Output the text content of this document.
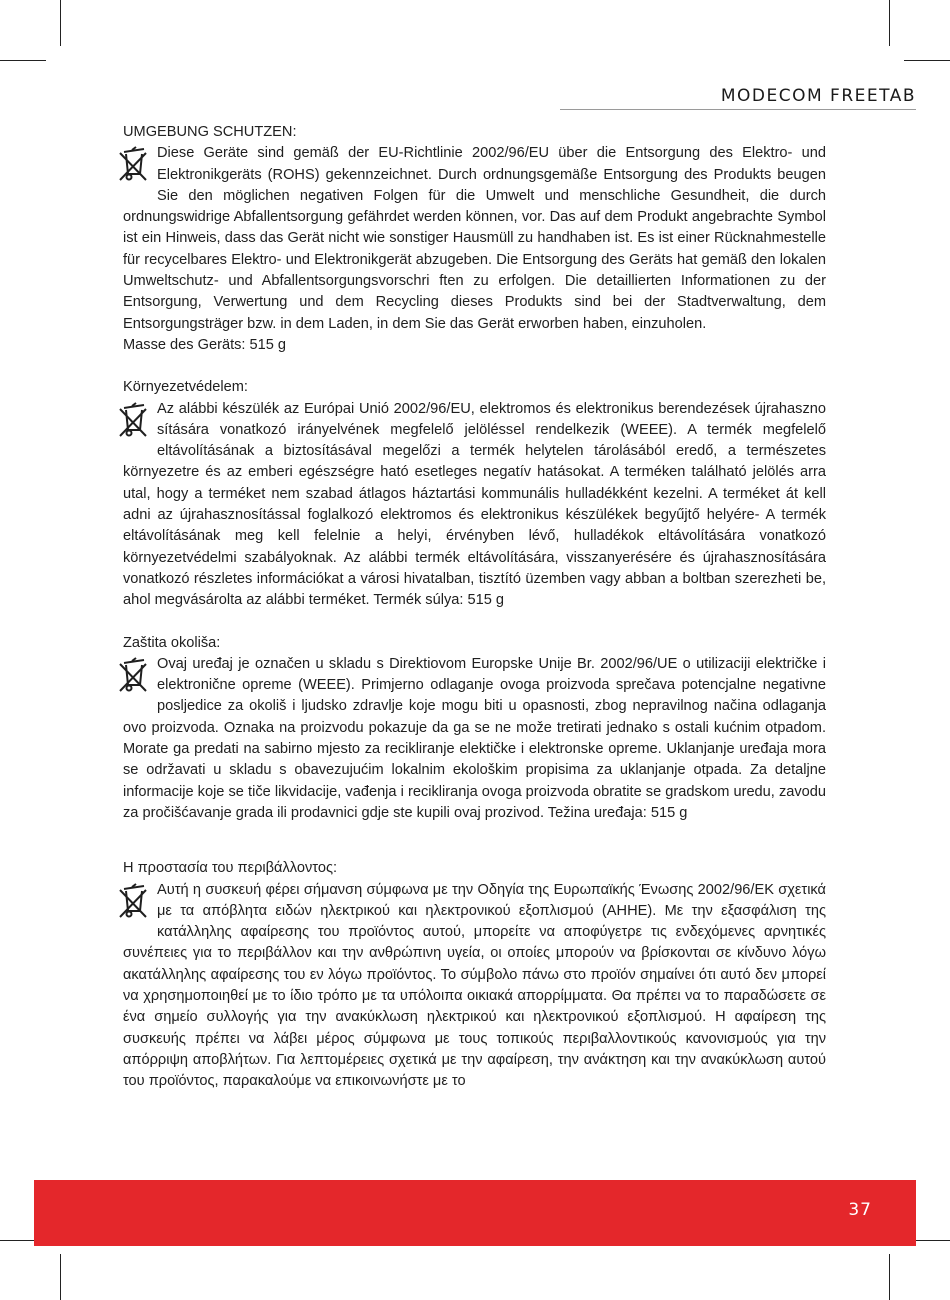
MODECOM FREETAB
UMGEBUNG SCHUTZEN:
Diese Geräte sind gemäß der EU-Richtlinie 2002/96/EU über die Entsorgung des Elektro- und Elektronikgeräts (ROHS) gekennzeichnet. Durch ordnungsgemäße Entsorgung des Produkts beugen Sie den möglichen negativen Folgen für die Umwelt und menschliche Gesundheit, die durch ordnungswidrige Abfallentsorgung gefährdet werden können, vor. Das auf dem Produkt angebrachte Symbol ist ein Hinweis, dass das Gerät nicht wie sonstiger Hausmüll zu handhaben ist. Es ist einer Rücknahmestelle für recycelbares Elektro- und Elektronikgerät abzugeben. Die Entsorgung des Geräts hat gemäß den lokalen Umweltschutz- und Abfallentsorgungsvorschri ften zu erfolgen. Die detaillierten Informationen zu der Entsorgung, Verwertung und dem Recycling dieses Produkts sind bei der Stadtverwaltung, dem Entsorgungsträger bzw. in dem Laden, in dem Sie das Gerät erworben haben, einzuholen.
Masse des Geräts: 515 g
Környezetvédelem:
Az alábbi készülék az Európai Unió 2002/96/EU, elektromos és elektronikus berendezések újrahaszno sítására vonatkozó irányelvének megfelelő jelöléssel rendelkezik (WEEE). A termék megfelelő eltávolításának a biztosításával megelőzi a termék helytelen tárolásából eredő, a természetes környezetre és az emberi egészségre ható esetleges negatív hatásokat. A terméken található jelölés arra utal, hogy a terméket nem szabad átlagos háztartási kommunális hulladékként kezelni. A terméket át kell adni az újrahasznosítással foglalkozó elektromos és elektronikus készülékek begyűjtő helyére- A termék eltávolításának meg kell felelnie a helyi, érvényben lévő, hulladékok eltávolítására vonatkozó környezetvédelmi szabályoknak. Az alábbi termék eltávolítására, visszanyerésére és újrahasznosítására vonatkozó részletes információkat a városi hivatalban, tisztító üzemben vagy abban a boltban szerezheti be, ahol megvásárolta az alábbi terméket. Termék súlya: 515 g
Zaštita okoliša:
Ovaj uređaj je označen u skladu s Direktiovom Europske Unije Br. 2002/96/UE o utilizaciji električke i elektronične opreme (WEEE). Primjerno odlaganje ovoga proizvoda sprečava potencjalne negativne posljedice za okoliš i ljudsko zdravlje koje mogu biti u opasnosti, zbog nepravilnog načina odlaganja ovo proizvoda. Oznaka na proizvodu pokazuje da ga se ne može tretirati jednako s ostali kućnim otpadom. Morate ga predati na sabirno mjesto za recikliranje elektičke i elektronske opreme. Uklanjanje uređaja mora se održavati u skladu s obavezujućim lokalnim ekološkim propisima za uklanjanje otpada. Za detaljne informacije koje se tiče likvidacije, vađenja i recikliranja ovoga proizvoda obratite se gradskom uredu, zavodu za pročišćavanje grada ili prodavnici gdje ste kupili ovaj prozivod. Težina uređaja: 515 g
Η προστασία του περιβάλλοντος:
Αυτή η συσκευή φέρει σήμανση σύμφωνα με την Οδηγία της Ευρωπαϊκής Ένωσης 2002/96/ΕΚ σχετικά με τα απόβλητα ειδών ηλεκτρικού και ηλεκτρονικού εξοπλισμού (ΑΗΗΕ). Με την εξασφάλιση της κατάλληλης αφαίρεσης του προϊόντος αυτού, μπορείτε να αποφύγετρε τις ενδεχόμενες αρνητικές συνέπειες για το περιβάλλον και την ανθρώπινη υγεία, οι οποίες μπορούν να βρίσκονται σε κίνδυνο λόγω ακατάλληλης αφαίρεσης του εν λόγω προϊόντος. Το σύμβολο πάνω στο προϊόν σημαίνει ότι αυτό δεν μπορεί να χρησημοποιηθεί με το ίδιο τρόπο με τα υπόλοιπα οικιακά απορρίμματα. Θα πρέπει να το παραδώσετε σε ένα σημείο συλλογής για την ανακύκλωση ηλεκτρικού και ηλεκτρονικού εξοπλισμού. Η αφαίρεση της συσκευής πρέπει να λάβει μέρος σύμφωνα με τους τοπικούς περιβαλλοντικούς κανονισμούς για την απόρριψη αποβλήτων. Για λεπτομέρειες σχετικά με την αφαίρεση, την ανάκτηση και την ανακύκλωση αυτού του προϊόντος, παρακαλούμε να επικοινωνήστε με το
37
